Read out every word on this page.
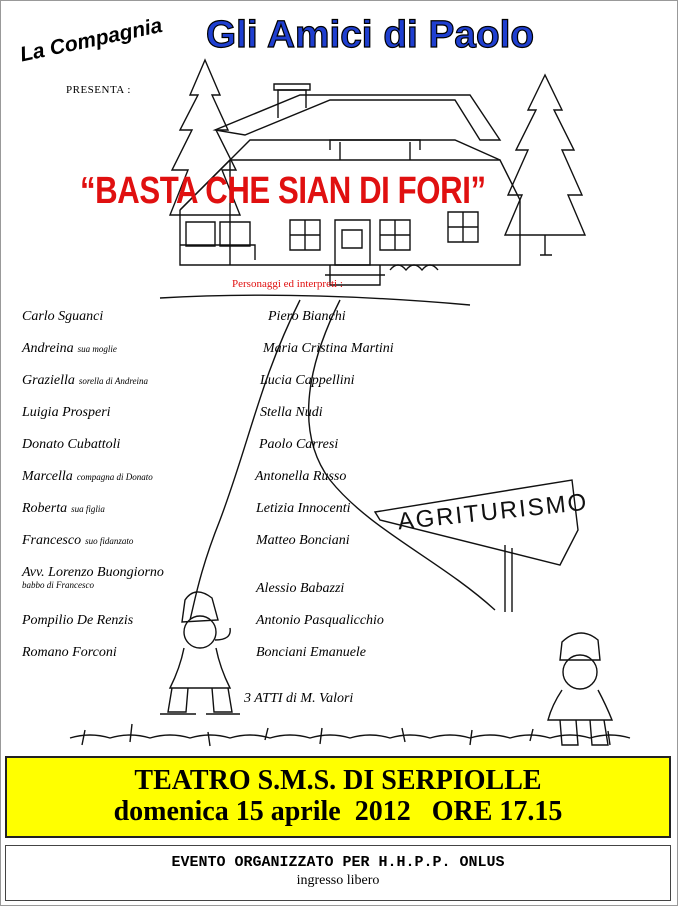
AGRITURISMO
La Compagnia
PRESENTA :
Gli Amici di Paolo
“BASTA CHE SIAN DI FORI”
Personaggi ed interpreti :
Carlo Sguanci	Piero Bianchi
Andreina sua moglie	Maria Cristina Martini
Graziella sorella di Andreina	Lucia Cappellini
Luigia Prosperi	Stella Nudi
Donato Cubattoli	Paolo Carresi
Marcella compagna di Donato	Antonella Russo
Roberta sua figlia	Letizia Innocenti
Francesco suo fidanzato	Matteo Bonciani
Avv. Lorenzo Buongiorno
babbo di Francesco	Alessio Babazzi
Pompilio De Renzis	Antonio Pasqualicchio
Romano Forconi	Bonciani Emanuele
3 ATTI di M. Valori
TEATRO S.M.S. DI SERPIOLLE
domenica 15 aprile  2012   ORE 17.15
EVENTO ORGANIZZATO PER H.H.P.P. ONLUS
ingresso libero
